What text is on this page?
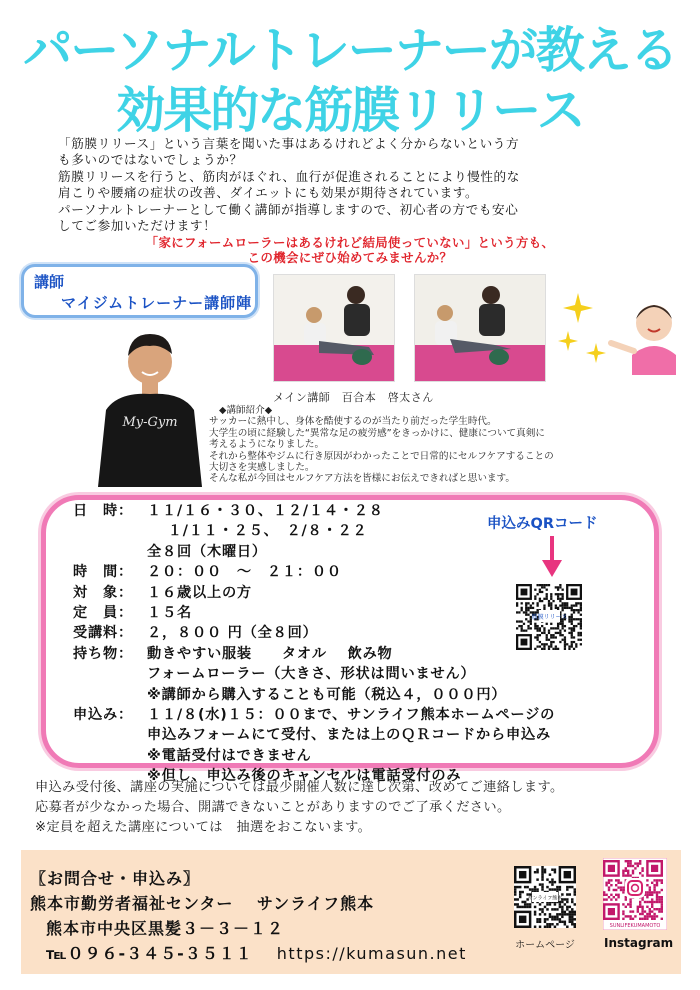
パーソナルトレーナーが教える
効果的な筋膜リリース

「筋膜リリース」という言葉を聞いた事はあるけれどよく分からないという方

も多いのではないでしょうか？

筋膜リリースを行うと、筋肉がほぐれ、血行が促進されることにより慢性的な

肩こりや腰痛の症状の改善、ダイエットにも効果が期待されています。

パーソナルトレーナーとして働く講師が指導しますので、初心者の方でも安心

してご参加いただけます！

「家にフォームローラーはあるけれど結局使っていない」という方も、
この機会にぜひ始めてみませんか？
講師
マイジムトレーナー講師陣
My-Gym
メイン講師　百合本　啓太さん

◆講師紹介◆

サッカーに熱中し、身体を酷使するのが当たり前だった学生時代。

大学生の頃に経験した“異常な足の疲労感”をきっかけに、健康について真剣に

考えるようになりました。

それから整体やジムに行き原因がわかったことで日常的にセルフケアすることの

大切さを実感しました。

そんな私が今回はセルフケア方法を皆様にお伝えできればと思います。

日　時： １１/１６・３０、１２/１４・２８
　 １/１１・２５、　２/８・２２
全８回（木曜日）
時　間： ２０：００　～　２１：００
対　象： １６歳以上の方
定　員： １５名
受講料： ２，８００ 円（全８回）
持ち物： 動きやすい服装　　タオル　 飲み物
フォームローラー（大きさ、形状は問いません）
※講師から購入することも可能（税込４，０００円）
申込み： １１/８(水)１５：００まで、サンライフ熊本ホームページの
申込みフォームにて受付、または上のＱＲコードから申込み
※電話受付はできません
※但し、申込み後のキャンセルは電話受付のみ
申込みQRコード
筋膜リリース

申込み受付後、講座の実施については最少開催人数に達し次第、改めてご連絡します。

応募者が少なかった場合、開講できないことがありますのでご了承ください。

※定員を超えた講座については　抽選をおこないます。

〖お問合せ・申込み〗

熊本市勤労者福祉センター　 サンライフ熊本

熊本市中央区黒髪３－３－１２

℡０９６-３４５-３５１１ https://kumasun.net

サンライフ熊本
ホームページ
SUNLIFEKUMAMOTO
Instagram
